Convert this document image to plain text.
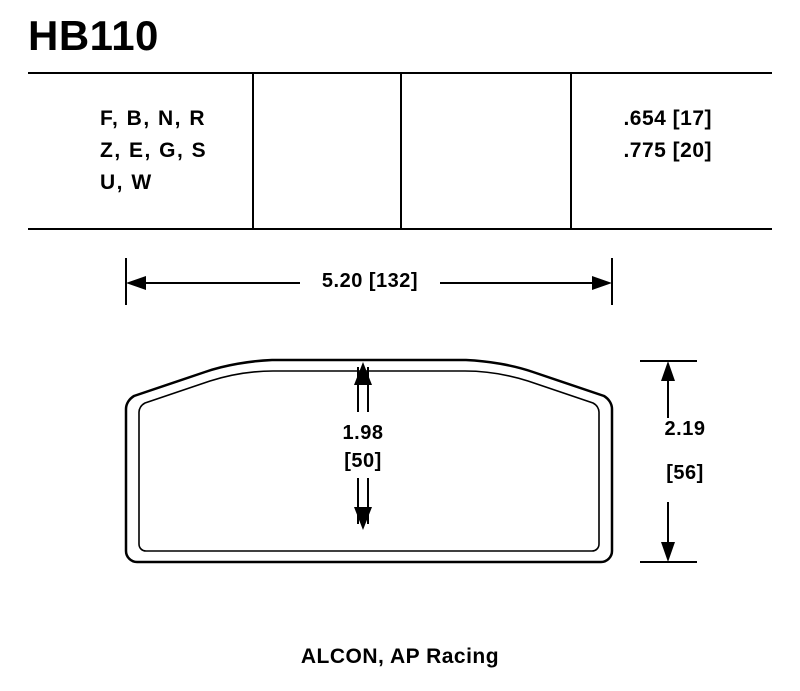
HB110
F, B, N, R
Z, E, G, S
U, W
.654 [17]
.775 [20]
5.20 [132]
1.98
[50]
2.19
[56]
ALCON, AP Racing
